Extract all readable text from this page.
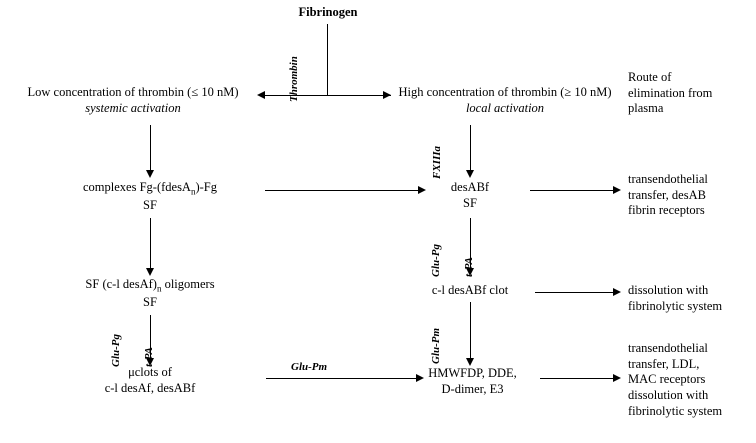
Fibrinogen
Thrombin
Low concentration of thrombin (≤ 10 nM)
systemic activation
High concentration of thrombin (≥ 10 nM)
local activation
Route of
elimination from
plasma
complexes Fg-(fdesA$_n$)-Fg
SF
SF (c-l $desAf)_n$ oligomers
SF
Glu-Pg t-PA
μclots of
c-l desAf, desABf
Glu-Pm
FXIIIa
desABf
SF
transendothelial
transfer, desAB
fibrin receptors
Glu-Pg t-PA
c-l desABf clot	dissolution with
fibrinolytic system
Glu-Pm
HMWFDP, DDE,
D-dimer, E3
transendothelial
transfer, LDL,
MAC receptors
dissolution with
fibrinolytic system
